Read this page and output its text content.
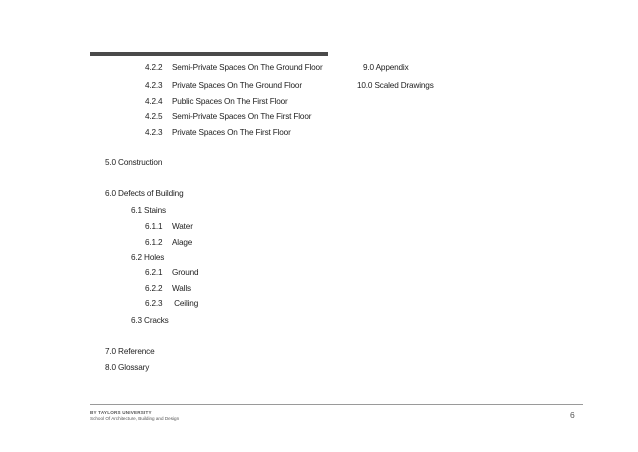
4.2.2 Semi-Private Spaces On The Ground Floor
4.2.3 Private Spaces On The Ground Floor
4.2.4 Public Spaces On The First Floor
4.2.5 Semi-Private Spaces On The First Floor
4.2.3 Private Spaces On The First Floor
9.0 Appendix
10.0 Scaled Drawings
5.0 Construction
6.0 Defects of Building
6.1 Stains
6.1.1 Water
6.1.2 Alage
6.2 Holes
6.2.1 Ground
6.2.2 Walls
6.2.3 Ceiling
6.3 Cracks
7.0 Reference
8.0 Glossary
6
BY TAYLORS UNIVERSITY
School Of Architecture, Building and Design
